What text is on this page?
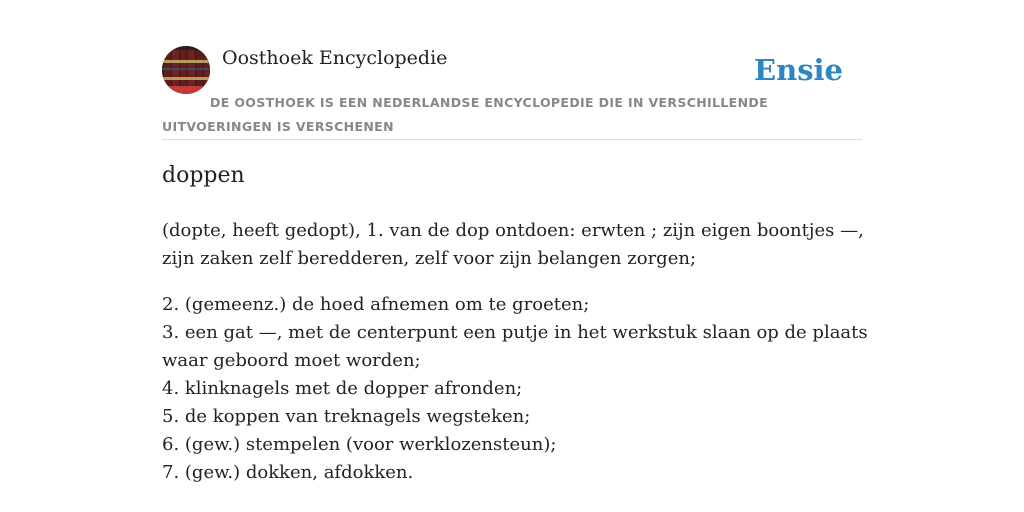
Oosthoek Encyclopedie	Ensie
DE OOSTHOEK IS EEN NEDERLANDSE ENCYCLOPEDIE DIE IN VERSCHILLENDE UITVOERINGEN IS VERSCHENEN
doppen

(dopte, heeft gedopt), 1. van de dop ontdoen: erwten ; zijn eigen boontjes —, zijn zaken zelf beredderen, zelf voor zijn belangen zorgen;

2. (gemeenz.) de hoed afnemen om te groeten;
3. een gat —, met de centerpunt een putje in het werkstuk slaan op de plaats
waar geboord moet worden;
4. klinknagels met de dopper afronden;
5. de koppen van treknagels wegsteken;
6. (gew.) stempelen (voor werklozensteun);
7. (gew.) dokken, afdokken.
